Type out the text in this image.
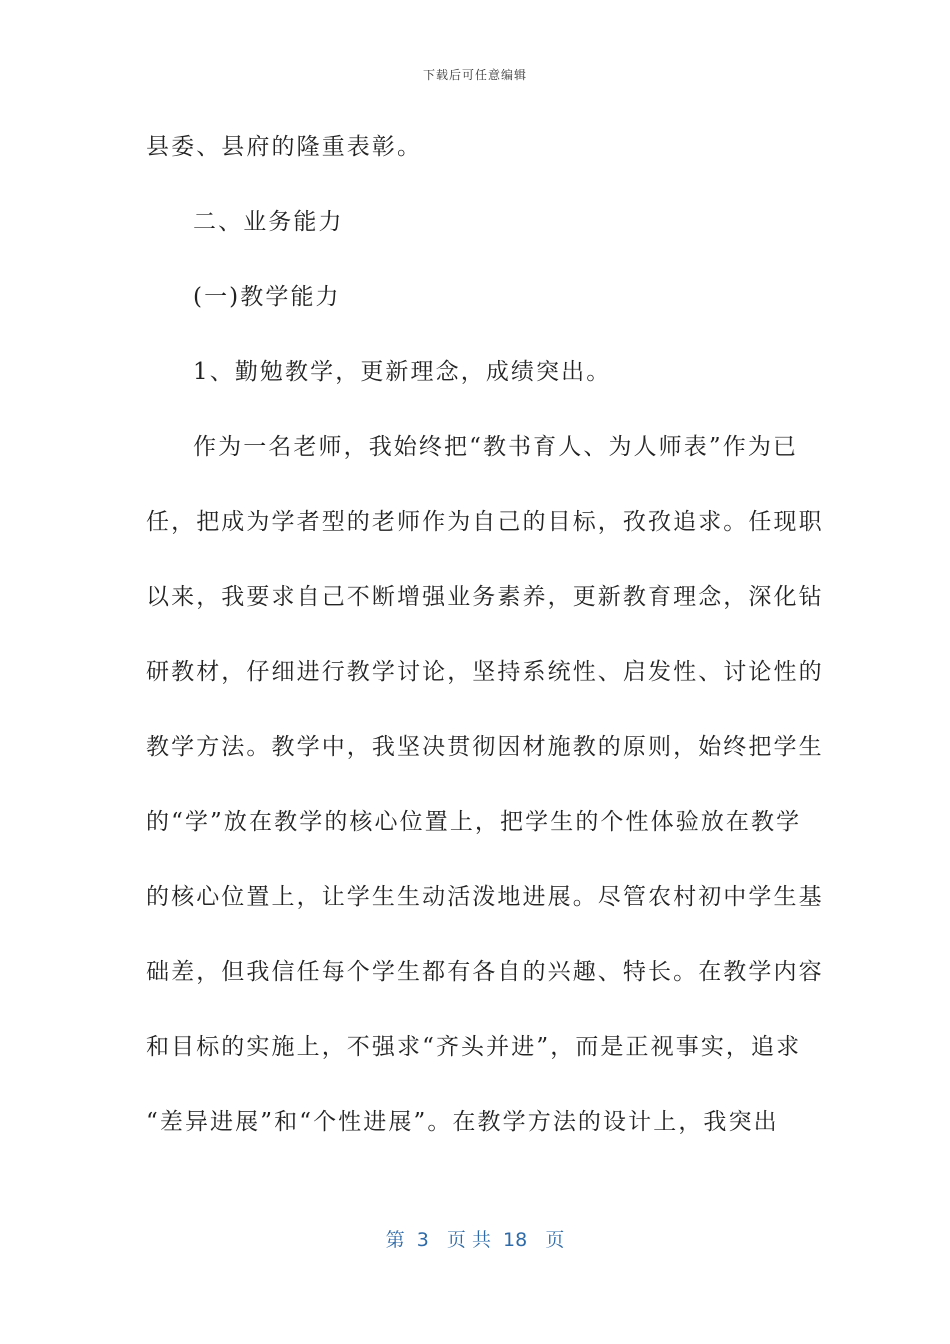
下载后可任意编辑
县委、县府的隆重表彰。
二、业务能力
(一)教学能力
1、勤勉教学，更新理念，成绩突出。
作为一名老师，我始终把“教书育人、为人师表”作为已
任，把成为学者型的老师作为自己的目标，孜孜追求。任现职
以来，我要求自己不断增强业务素养，更新教育理念，深化钻
研教材，仔细进行教学讨论，坚持系统性、启发性、讨论性的
教学方法。教学中，我坚决贯彻因材施教的原则，始终把学生
的“学”放在教学的核心位置上，把学生的个性体验放在教学
的核心位置上，让学生生动活泼地进展。尽管农村初中学生基
础差，但我信任每个学生都有各自的兴趣、特长。在教学内容
和目标的实施上，不强求“齐头并进”，而是正视事实，追求
“差异进展”和“个性进展”。在教学方法的设计上，我突出
第  3   页 共  18   页
